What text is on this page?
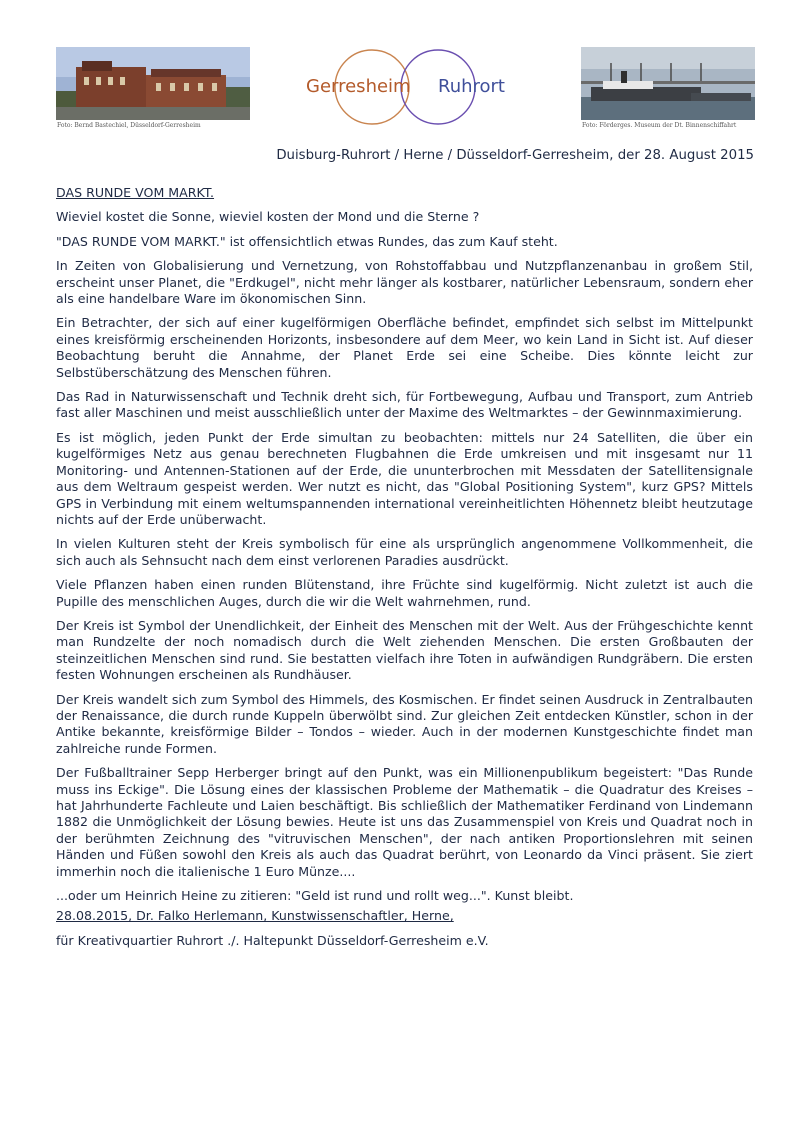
Foto: Bernd Bastechiel, Düsseldorf-Gerresheim
Gerresheim Ruhrort
Foto: Förderges. Museum der Dt. Binnenschiffahrt
Duisburg-Ruhrort / Herne / Düsseldorf-Gerresheim, der 28. August 2015

DAS RUNDE VOM MARKT.

Wieviel kostet die Sonne, wieviel kosten der Mond und die Sterne ?

"DAS RUNDE VOM MARKT." ist offensichtlich etwas Rundes, das zum Kauf steht.

In Zeiten von Globalisierung und Vernetzung, von Rohstoffabbau und Nutzpflanzenanbau in großem Stil, erscheint unser Planet, die "Erdkugel", nicht mehr länger als kostbarer, natürlicher Lebensraum, sondern eher als eine handelbare Ware im ökonomischen Sinn.

Ein Betrachter, der sich auf einer kugelförmigen Oberfläche befindet, empfindet sich selbst im Mittelpunkt eines kreisförmig erscheinenden Horizonts, insbesondere auf dem Meer, wo kein Land in Sicht ist. Auf dieser Beobachtung beruht die Annahme, der Planet Erde sei eine Scheibe. Dies könnte leicht zur Selbstüberschätzung des Menschen führen.

Das Rad in Naturwissenschaft und Technik dreht sich, für Fortbewegung, Aufbau und Transport, zum Antrieb fast aller Maschinen und meist ausschließlich unter der Maxime des Weltmarktes – der Gewinnmaximierung.

Es ist möglich, jeden Punkt der Erde simultan zu beobachten: mittels nur 24 Satelliten, die über ein kugelförmiges Netz aus genau berechneten Flugbahnen die Erde umkreisen und mit insgesamt nur 11 Monitoring- und Antennen-Stationen auf der Erde, die ununterbrochen mit Messdaten der Satellitensignale aus dem Weltraum gespeist werden. Wer nutzt es nicht, das "Global Positioning System", kurz GPS? Mittels GPS in Verbindung mit einem weltumspannenden international vereinheitlichten Höhennetz bleibt heutzutage nichts auf der Erde unüberwacht.

In vielen Kulturen steht der Kreis symbolisch für eine als ursprünglich angenommene Vollkommenheit, die sich auch als Sehnsucht nach dem einst verlorenen Paradies ausdrückt.

Viele Pflanzen haben einen runden Blütenstand, ihre Früchte sind kugelförmig. Nicht zuletzt ist auch die Pupille des menschlichen Auges, durch die wir die Welt wahrnehmen, rund.

Der Kreis ist Symbol der Unendlichkeit, der Einheit des Menschen mit der Welt. Aus der Frühgeschichte kennt man Rundzelte der noch nomadisch durch die Welt ziehenden Menschen. Die ersten Großbauten der steinzeitlichen Menschen sind rund. Sie bestatten vielfach ihre Toten in aufwändigen Rundgräbern. Die ersten festen Wohnungen erscheinen als Rundhäuser.

Der Kreis wandelt sich zum Symbol des Himmels, des Kosmischen. Er findet seinen Ausdruck in Zentralbauten der Renaissance, die durch runde Kuppeln überwölbt sind. Zur gleichen Zeit entdecken Künstler, schon in der Antike bekannte, kreisförmige Bilder – Tondos – wieder. Auch in der modernen Kunstgeschichte findet man zahlreiche runde Formen.

Der Fußballtrainer Sepp Herberger bringt auf den Punkt, was ein Millionenpublikum begeistert: "Das Runde muss ins Eckige". Die Lösung eines der klassischen Probleme der Mathematik – die Quadratur des Kreises – hat Jahrhunderte Fachleute und Laien beschäftigt. Bis schließlich der Mathematiker Ferdinand von Lindemann 1882 die Unmöglichkeit der Lösung bewies. Heute ist uns das Zusammenspiel von Kreis und Quadrat noch in der berühmten Zeichnung des "vitruvischen Menschen", der nach antiken Proportionslehren mit seinen Händen und Füßen sowohl den Kreis als auch das Quadrat berührt, von Leonardo da Vinci präsent. Sie ziert immerhin noch die italienische 1 Euro Münze....

...oder um Heinrich Heine zu zitieren: "Geld ist rund und rollt weg...". Kunst bleibt.

28.08.2015, Dr. Falko Herlemann, Kunstwissenschaftler, Herne,

für Kreativquartier Ruhrort ./. Haltepunkt Düsseldorf-Gerresheim e.V.
